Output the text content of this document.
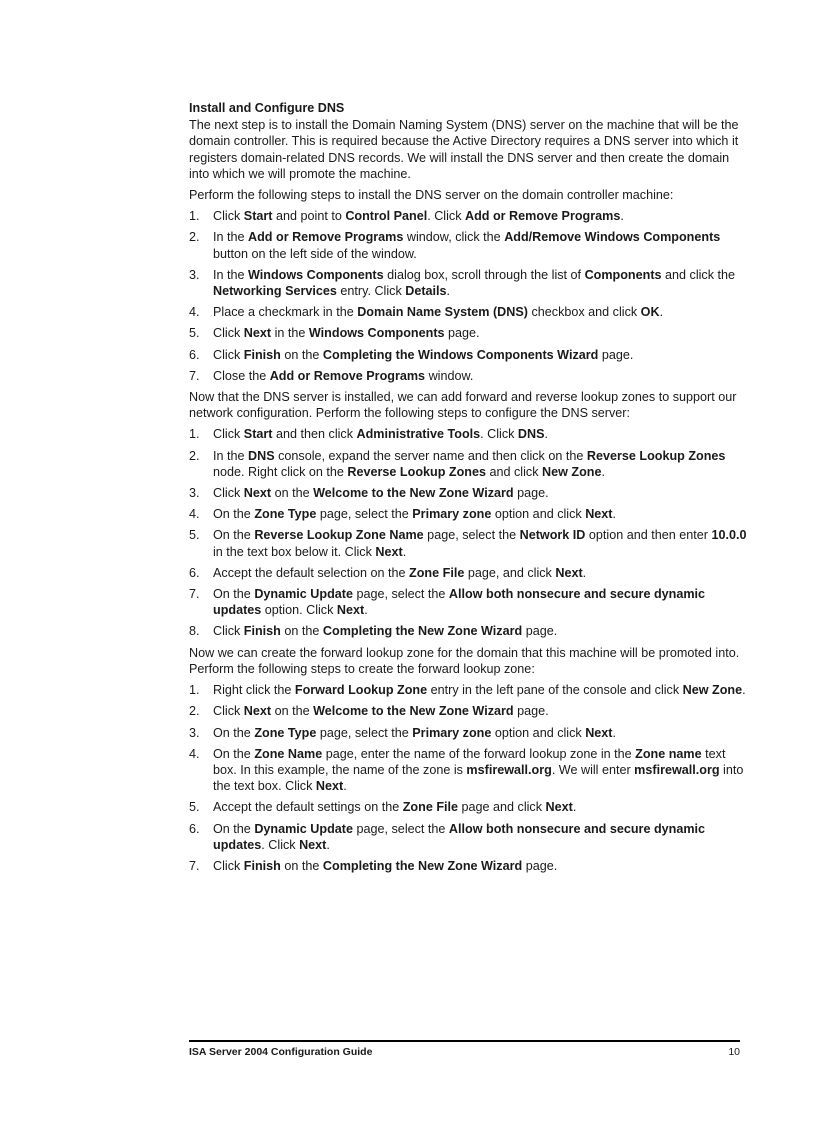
Install and Configure DNS

The next step is to install the Domain Naming System (DNS) server on the machine that will be the domain controller. This is required because the Active Directory requires a DNS server into which it registers domain-related DNS records. We will install the DNS server and then create the domain into which we will promote the machine.

Perform the following steps to install the DNS server on the domain controller machine:

1. Click Start and point to Control Panel. Click Add or Remove Programs.
2. In the Add or Remove Programs window, click the Add/Remove Windows Components button on the left side of the window.
3. In the Windows Components dialog box, scroll through the list of Components and click the Networking Services entry. Click Details.
4. Place a checkmark in the Domain Name System (DNS) checkbox and click OK.
5. Click Next in the Windows Components page.
6. Click Finish on the Completing the Windows Components Wizard page.
7. Close the Add or Remove Programs window.

Now that the DNS server is installed, we can add forward and reverse lookup zones to support our network configuration. Perform the following steps to configure the DNS server:

1. Click Start and then click Administrative Tools. Click DNS.
2. In the DNS console, expand the server name and then click on the Reverse Lookup Zones node. Right click on the Reverse Lookup Zones and click New Zone.
3. Click Next on the Welcome to the New Zone Wizard page.
4. On the Zone Type page, select the Primary zone option and click Next.
5. On the Reverse Lookup Zone Name page, select the Network ID option and then enter 10.0.0 in the text box below it. Click Next.
6. Accept the default selection on the Zone File page, and click Next.
7. On the Dynamic Update page, select the Allow both nonsecure and secure dynamic updates option. Click Next.
8. Click Finish on the Completing the New Zone Wizard page.

Now we can create the forward lookup zone for the domain that this machine will be promoted into. Perform the following steps to create the forward lookup zone:

1. Right click the Forward Lookup Zone entry in the left pane of the console and click New Zone.
2. Click Next on the Welcome to the New Zone Wizard page.
3. On the Zone Type page, select the Primary zone option and click Next.
4. On the Zone Name page, enter the name of the forward lookup zone in the Zone name text box. In this example, the name of the zone is msfirewall.org. We will enter msfirewall.org into the text box. Click Next.
5. Accept the default settings on the Zone File page and click Next.
6. On the Dynamic Update page, select the Allow both nonsecure and secure dynamic updates. Click Next.
7. Click Finish on the Completing the New Zone Wizard page.
ISA Server 2004 Configuration Guide	10
